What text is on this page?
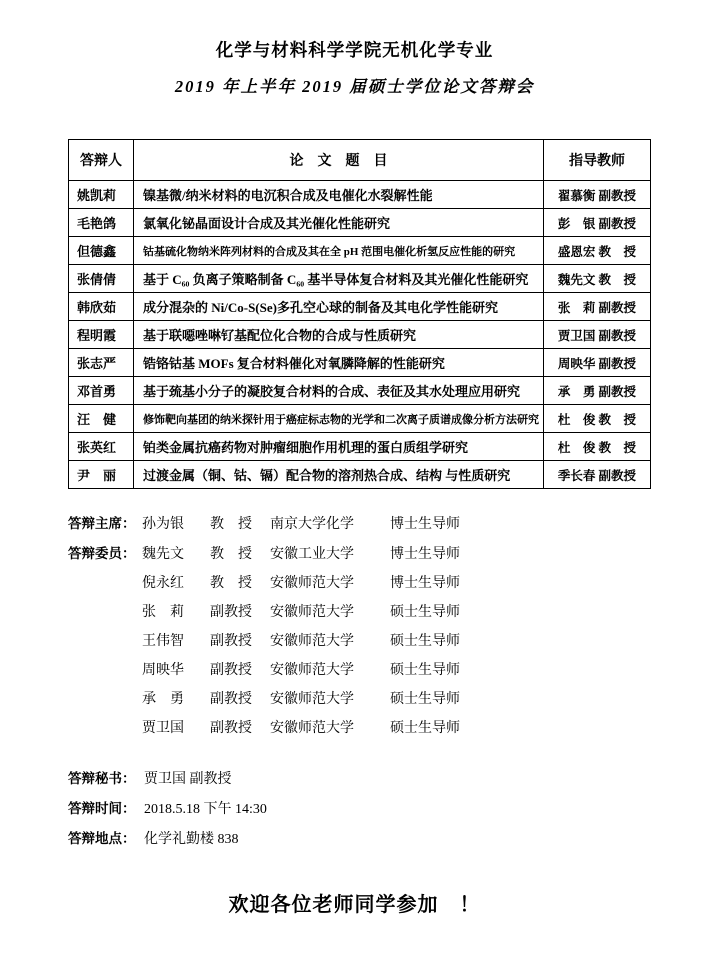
化学与材料科学学院无机化学专业
2019 年上半年 2019 届硕士学位论文答辩会
答辩人	论　文　题　目	指导教师
姚凯莉	镍基微/纳米材料的电沉积合成及电催化水裂解性能	翟慕衡 副教授
毛艳鸽	氯氧化铋晶面设计合成及其光催化性能研究	彭　银 副教授
但德鑫	钴基硫化物纳米阵列材料的合成及其在全 pH 范围电催化析氢反应性能的研究	盛恩宏 教　授
张倩倩	基于 C₆₀ 负离子策略制备 C₆₀ 基半导体复合材料及其光催化性能研究	魏先文 教　授
韩欣茹	成分混杂的 Ni/Co-S(Se)多孔空心球的制备及其电化学性能研究	张　莉 副教授
程明霞	基于联噁唑啉钌基配位化合物的合成与性质研究	贾卫国 副教授
张志严	锆铬钴基 MOFs 复合材料催化对氧膦降解的性能研究	周映华 副教授
邓首勇	基于巯基小分子的凝胶复合材料的合成、表征及其水处理应用研究	承　勇 副教授
汪　健	修饰靶向基团的纳米探针用于癌症标志物的光学和二次离子质谱成像分析方法研究	杜　俊 教　授
张英红	铂类金属抗癌药物对肿瘤细胞作用机理的蛋白质组学研究	杜　俊 教　授
尹　丽	过渡金属（铜、钴、镉）配合物的溶剂热合成、结构 与性质研究	季长春 副教授
答辩主席： 孙为银 教　授 南京大学化学	博士生导师
答辩委员： 魏先文 教　授 安徽工业大学	博士生导师
倪永红 教　授 安徽师范大学	博士生导师
张　莉 副教授 安徽师范大学	硕士生导师
王伟智 副教授 安徽师范大学	硕士生导师
周映华 副教授 安徽师范大学	硕士生导师
承　勇 副教授 安徽师范大学	硕士生导师
贾卫国 副教授 安徽师范大学	硕士生导师
答辩秘书： 贾卫国 副教授
答辩时间： 2018.5.18 下午 14:30
答辩地点： 化学礼勤楼 838
欢迎各位老师同学参加　！
